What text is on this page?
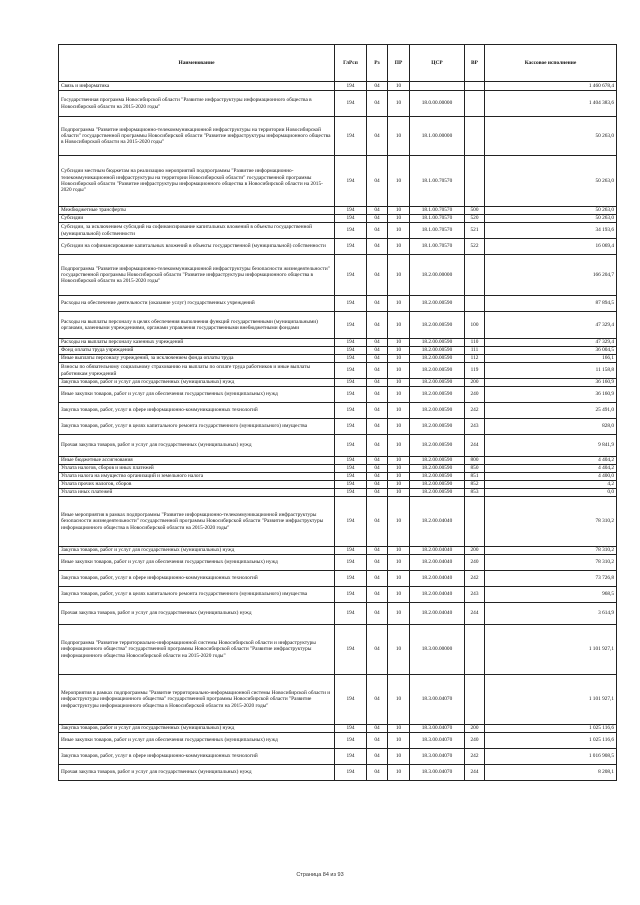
Наименование	ГлРсп	Рз	ПР	ЦСР	ВР	Кассовое исполнение
Связь и информатика	194	04	10			1 460 678,4
Государственная программа Новосибирской области "Развитие инфраструктуры информационного общества в Новосибирской области на 2015-2020 годы"	194	04	10	18.0.00.00000		1 404 383,6
Подпрограмма "Развитие информационно-телекоммуникационной инфраструктуры на территории Новосибирской области" государственной программы Новосибирской области "Развитие инфраструктуры информационного общества в Новосибирской области на 2015-2020 годы"	194	04	10	18.1.00.00000		50 263,0
Субсидии местным бюджетам на реализацию мероприятий подпрограммы "Развитие информационно-телекоммуникационной инфраструктуры на территории Новосибирской области" государственной программы Новосибирской области "Развитие инфраструктуры информационного общества в Новосибирской области на 2015-2020 годы"	194	04	10	18.1.00.70570		50 263,0
Межбюджетные трансферты	194	04	10	18.1.00.70570	500	50 263,0
Субсидии	194	04	10	18.1.00.70570	520	50 263,0
Субсидии, за исключением субсидий на софинансирование капитальных вложений в объекты государственной (муниципальной) собственности	194	04	10	18.1.00.70570	521	34 193,6
Субсидии на софинансирование капитальных вложений в объекты государственной (муниципальной) собственности	194	04	10	18.1.00.70570	522	16 069,4
Подпрограмма "Развитие информационно-телекоммуникационной инфраструктуры безопасности жизнедеятельности" государственной программы Новосибирской области "Развитие инфраструктуры информационного общества в Новосибирской области на 2015-2020 годы"	194	04	10	18.2.00.00000		166 204,7
Расходы на обеспечение деятельности (оказание услуг) государственных учреждений	194	04	10	18.2.00.00590		87 894,5
Расходы на выплаты персоналу в целях обеспечения выполнения функций государственными (муниципальными) органами, казенными учреждениями, органами управления государственными внебюджетными фондами	194	04	10	18.2.00.00590	100	47 329,4
Расходы на выплаты персоналу казенных учреждений	194	04	10	18.2.00.00590	110	47 329,4
Фонд оплаты труда учреждений	194	04	10	18.2.00.00590	111	36 004,5
Иные выплаты персоналу учреждений, за исключением фонда оплаты труда	194	04	10	18.2.00.00590	112	166,1
Взносы по обязательному социальному страхованию на выплаты по оплате труда работников и иные выплаты работникам учреждений	194	04	10	18.2.00.00590	119	11 158,8
Закупка товаров, работ и услуг для государственных (муниципальных) нужд	194	04	10	18.2.00.00590	200	36 160,9
Иные закупки товаров, работ и услуг для обеспечения государственных (муниципальных) нужд	194	04	10	18.2.00.00590	240	36 160,9
Закупка товаров, работ, услуг в сфере информационно-коммуникационных технологий	194	04	10	18.2.00.00590	242	25 491,0
Закупка товаров, работ, услуг в целях капитального ремонта государственного (муниципального) имущества	194	04	10	18.2.00.00590	243	828,0
Прочая закупка товаров, работ и услуг для государственных (муниципальных) нужд	194	04	10	18.2.00.00590	244	9 841,9
Иные бюджетные ассигнования	194	04	10	18.2.00.00590	800	4 404,2
Уплата налогов, сборов и иных платежей	194	04	10	18.2.00.00590	850	4 404,2
Уплата налога на имущество организаций и земельного налога	194	04	10	18.2.00.00590	851	4 400,0
Уплата прочих налогов, сборов	194	04	10	18.2.00.00590	852	4,2
Уплата иных платежей	194	04	10	18.2.00.00590	853	0,0
Иные мероприятия в рамках подпрограммы "Развитие информационно-телекоммуникационной инфраструктуры безопасности жизнедеятельности" государственной программы Новосибирской области "Развитие инфраструктуры информационного общества в Новосибирской области на 2015-2020 годы"	194	04	10	18.2.00.04040		78 310,2
Закупка товаров, работ и услуг для государственных (муниципальных) нужд	194	04	10	18.2.00.04040	200	78 310,2
Иные закупки товаров, работ и услуг для обеспечения государственных (муниципальных) нужд	194	04	10	18.2.00.04040	240	78 310,2
Закупка товаров, работ, услуг в сфере информационно-коммуникационных технологий	194	04	10	18.2.00.04040	242	73 726,8
Закупка товаров, работ, услуг в целях капитального ремонта государственного (муниципального) имущества	194	04	10	18.2.00.04040	243	968,5
Прочая закупка товаров, работ и услуг для государственных (муниципальных) нужд	194	04	10	18.2.00.04040	244	3 614,9
Подпрограмма "Развитие территориально-информационной системы Новосибирской области и инфраструктуры информационного общества" государственной программы Новосибирской области "Развитие инфраструктуры информационного общества Новосибирской области на 2015-2020 годы"	194	04	10	18.3.00.00000		1 101 927,1
Мероприятия в рамках подпрограммы "Развитие территориально-информационной системы Новосибирской области и инфраструктуры информационного общества" государственной программы Новосибирской области "Развитие инфраструктуры информационного общества в Новосибирской области на 2015-2020 годы"	194	04	10	18.3.00.04070		1 101 927,1
Закупка товаров, работ и услуг для государственных (муниципальных) нужд	194	04	10	18.3.00.04070	200	1 025 116,6
Иные закупки товаров, работ и услуг для обеспечения государственных (муниципальных) нужд	194	04	10	18.3.00.04070	240	1 025 116,6
Закупка товаров, работ, услуг в сфере информационно-коммуникационных технологий	194	04	10	18.3.00.04070	242	1 016 908,5
Прочая закупка товаров, работ и услуг для государственных (муниципальных) нужд	194	04	10	18.3.00.04070	244	8 208,1
Страница 84 из 93
